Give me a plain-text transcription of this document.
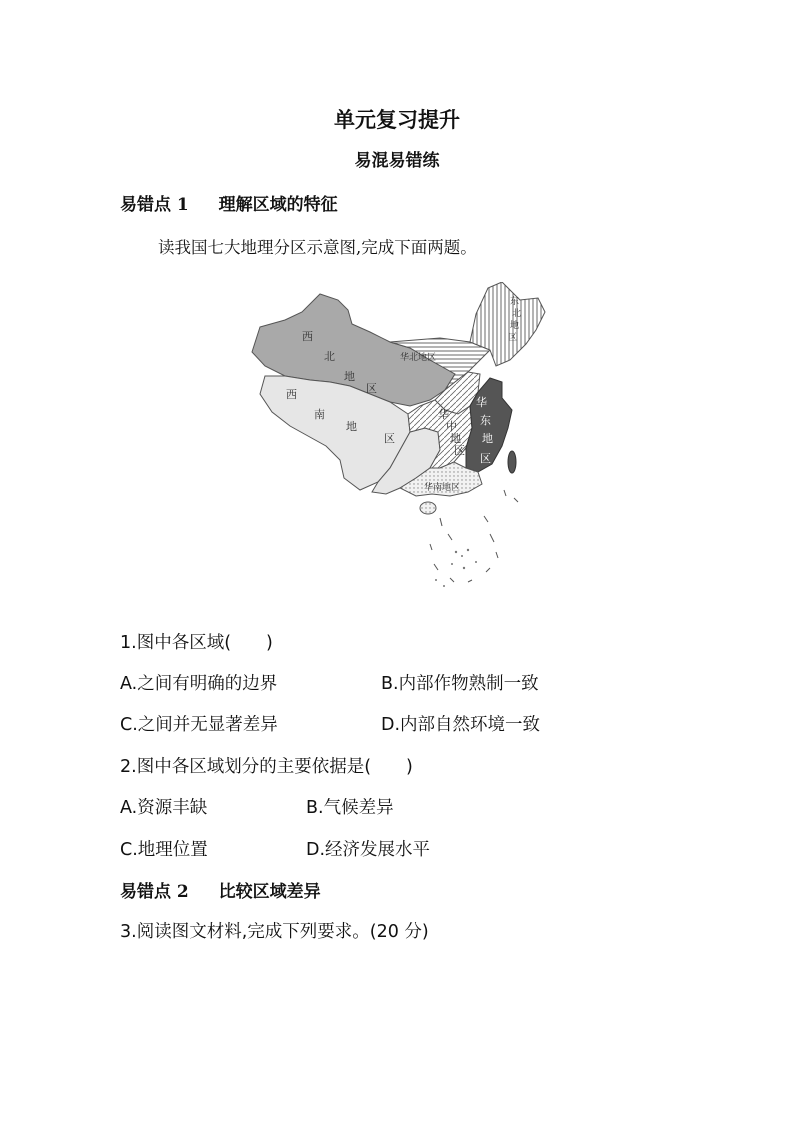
单元复习提升
易混易错练
易错点 1 理解区域的特征
读我国七大地理分区示意图,完成下面两题。
西
北
地
区
西
南
地
区
华北地区
华
中
地
区
华
东
地
区
华南地区
东
北
地
区
1.图中各区域(　　)
A.之间有明确的边界	B.内部作物熟制一致
C.之间并无显著差异	D.内部自然环境一致
2.图中各区域划分的主要依据是(　　)
A.资源丰缺	B.气候差异
C.地理位置	D.经济发展水平
易错点 2 比较区域差异
3.阅读图文材料,完成下列要求。(20 分)
